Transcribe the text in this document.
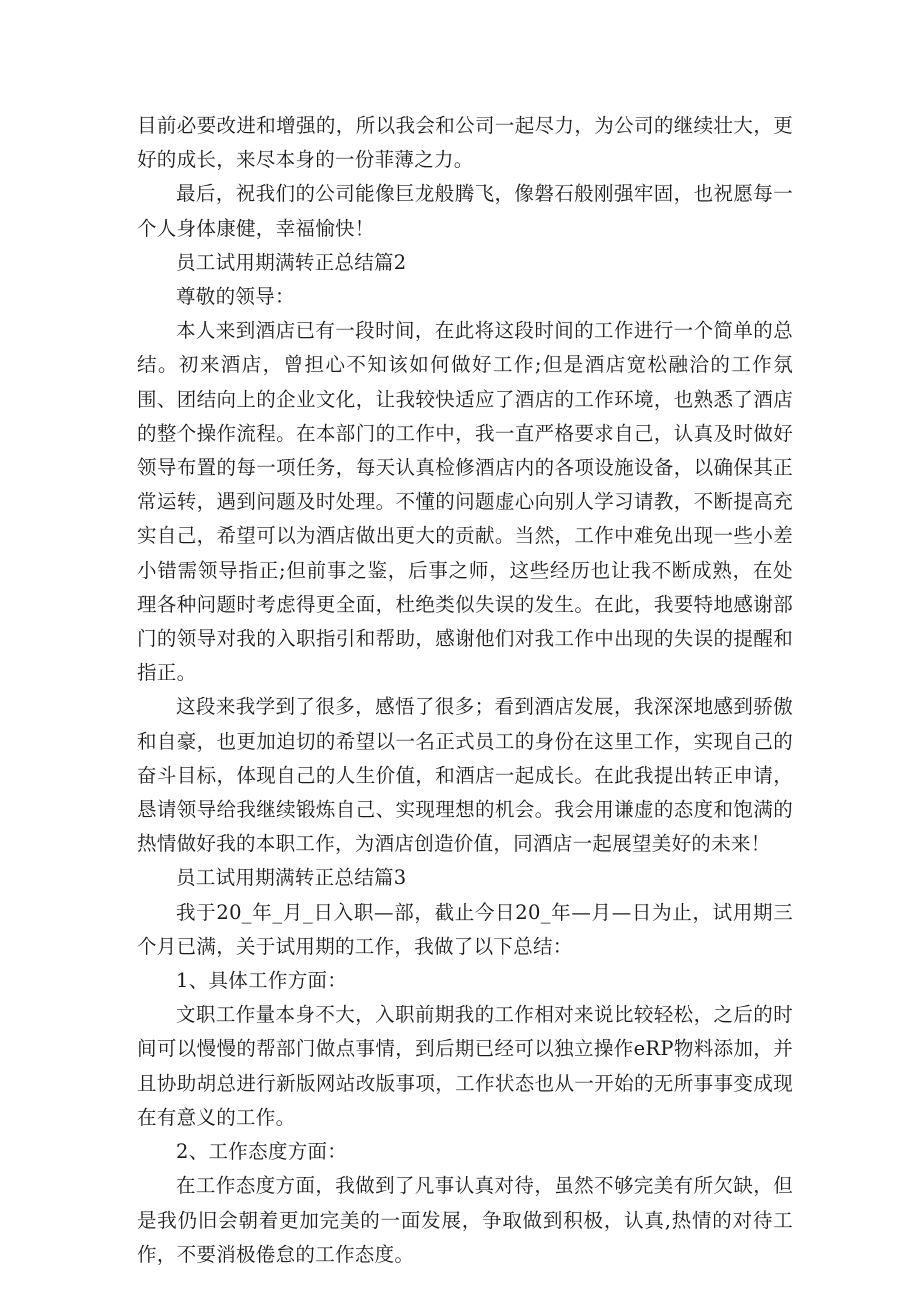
目前必要改进和增强的，所以我会和公司一起尽力，为公司的继续壮大，更好的成长，来尽本身的一份菲薄之力。

最后，祝我们的公司能像巨龙般腾飞，像磐石般刚强牢固，也祝愿每一个人身体康健，幸福愉快！

员工试用期满转正总结篇2

尊敬的领导：

本人来到酒店已有一段时间，在此将这段时间的工作进行一个简单的总结。初来酒店，曾担心不知该如何做好工作;但是酒店宽松融洽的工作氛围、团结向上的企业文化，让我较快适应了酒店的工作环境，也熟悉了酒店的整个操作流程。在本部门的工作中，我一直严格要求自己，认真及时做好领导布置的每一项任务，每天认真检修酒店内的各项设施设备，以确保其正常运转，遇到问题及时处理。不懂的问题虚心向别人学习请教，不断提高充实自己，希望可以为酒店做出更大的贡献。当然，工作中难免出现一些小差小错需领导指正;但前事之鉴，后事之师，这些经历也让我不断成熟，在处理各种问题时考虑得更全面，杜绝类似失误的发生。在此，我要特地感谢部门的领导对我的入职指引和帮助，感谢他们对我工作中出现的失误的提醒和指正。

这段来我学到了很多，感悟了很多；看到酒店发展，我深深地感到骄傲和自豪，也更加迫切的希望以一名正式员工的身份在这里工作，实现自己的奋斗目标，体现自己的人生价值，和酒店一起成长。在此我提出转正申请，恳请领导给我继续锻炼自己、实现理想的机会。我会用谦虚的态度和饱满的热情做好我的本职工作，为酒店创造价值，同酒店一起展望美好的未来！

员工试用期满转正总结篇3

我于20_年_月_日入职—部，截止今日20_年—月—日为止，试用期三个月已满，关于试用期的工作，我做了以下总结：

1、具体工作方面：

文职工作量本身不大，入职前期我的工作相对来说比较轻松，之后的时间可以慢慢的帮部门做点事情，到后期已经可以独立操作eRP物料添加，并且协助胡总进行新版网站改版事项，工作状态也从一开始的无所事事变成现在有意义的工作。

2、工作态度方面：

在工作态度方面，我做到了凡事认真对待，虽然不够完美有所欠缺，但是我仍旧会朝着更加完美的一面发展，争取做到积极，认真,热情的对待工作，不要消极倦怠的工作态度。
